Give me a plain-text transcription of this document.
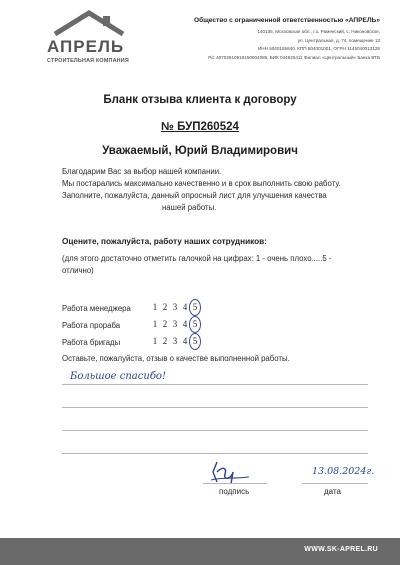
АПРЕЛЬ
СТРОИТЕЛЬНАЯ КОМПАНИЯ
Общество с ограниченной ответственностью «АПРЕЛЬ»
140135, Московская обл., г.о. Раменский, с. Никоновское,
ул. Центральная, д. 74, помещение 13
ИНН 5040165840, КПП 504001001, ОГРН 1145040013128
Р/с 40702810919150004085, БИК 044525411 Филиал «Центральный» Банка ВТБ
Бланк отзыва клиента к договору
№ БУП260524
Уважаемый, Юрий Владимирович
Благодарим Вас за выбор нашей компании.
Мы постарались максимально качественно и в срок выполнить свою работу.
Заполните, пожалуйста, данный опросный лист для улучшения качества
нашей работы.
Оцените, пожалуйста, работу наших сотрудников:
(для этого достаточно отметить галочкой на цифрах: 1 - очень плохо.....5 -
отлично)
Работа менеджера	1 2 3 4 5
Работа прораба	1 2 3 4 5
Работа бригады	1 2 3 4 5
Оставьте, пожалуйста, отзыв о качестве выполненной работы.
Большое спасибо!
13.08.2024г.
подпись	дата
WWW.SK-APREL.RU
